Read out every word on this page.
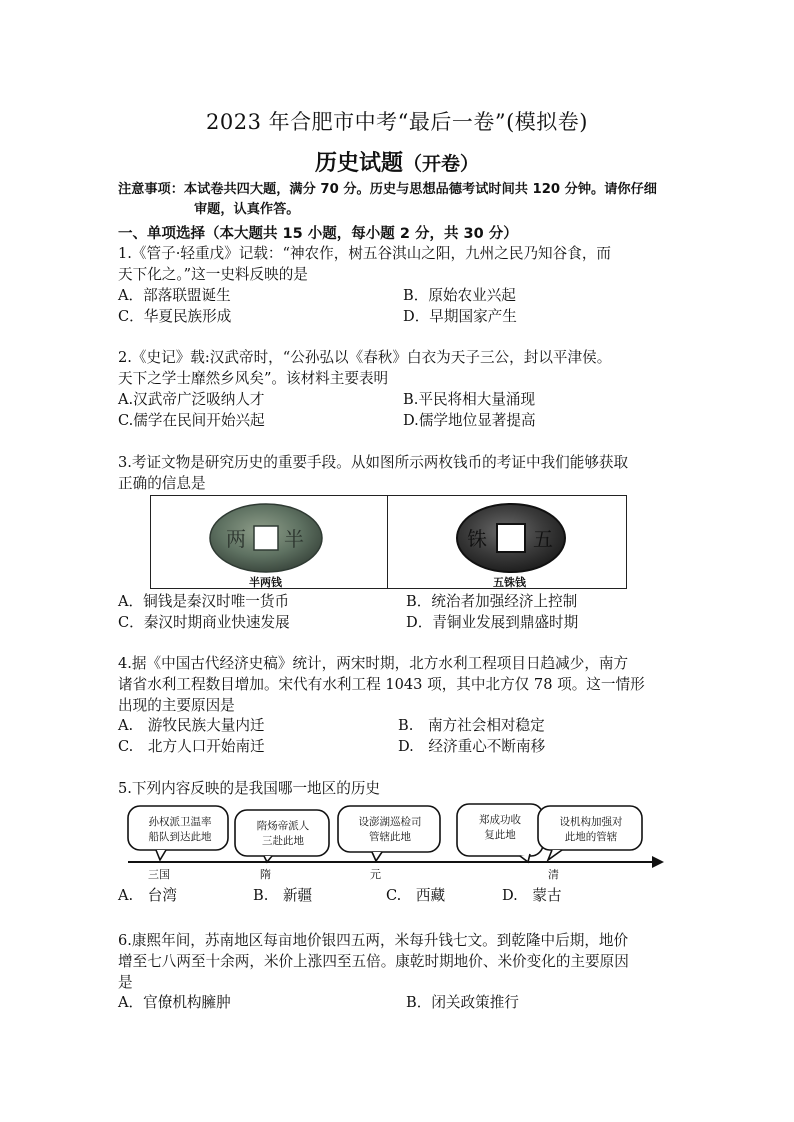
2023 年合肥市中考“最后一卷”(模拟卷)
历史试题（开卷）
注意事项：本试卷共四大题，满分 70 分。历史与思想品德考试时间共 120 分钟。请你仔细
审题，认真作答。
一、单项选择（本大题共 15 小题，每小题 2 分，共 30 分）
1.《管子·轻重戊》记载：“神农作，树五谷淇山之阳，九州之民乃知谷食，而
天下化之。”这一史料反映的是
A．部落联盟诞生	B．原始农业兴起
C．华夏民族形成	D．早期国家产生
2.《史记》载:汉武帝时，“公孙弘以《春秋》白衣为天子三公，封以平津侯。
天下之学士靡然乡风矣”。该材料主要表明
A.汉武帝广泛吸纳人才	B.平民将相大量涌现
C.儒学在民间开始兴起	D.儒学地位显著提高
3.考证文物是研究历史的重要手段。从如图所示两枚钱币的考证中我们能够获取
正确的信息是
两 半	铢 五
半两钱	五铢钱
A．铜钱是秦汉时唯一货币	B．统治者加强经济上控制
C．秦汉时期商业快速发展	D．青铜业发展到鼎盛时期
4.据《中国古代经济史稿》统计，两宋时期，北方水利工程项目日趋减少，南方
诸省水利工程数目增加。宋代有水利工程 1043 项，其中北方仅 78 项。这一情形
出现的主要原因是
A.　游牧民族大量内迁	B.　南方社会相对稳定
C.　北方人口开始南迁	D.　经济重心不断南移
5.下列内容反映的是我国哪一地区的历史
孙权派卫温率
船队到达此地
隋炀帝派人
三赴此地
设澎湖巡检司
管辖此地
郑成功收
复此地
设机构加强对
此地的管辖
三国	隋	元	清
A.　台湾	B.　新疆	C.　西藏	D.　蒙古
6.康熙年间，苏南地区每亩地价银四五两，米每升钱七文。到乾隆中后期，地价
增至七八两至十余两，米价上涨四至五倍。康乾时期地价、米价变化的主要原因
是
A．官僚机构臃肿	B．闭关政策推行
